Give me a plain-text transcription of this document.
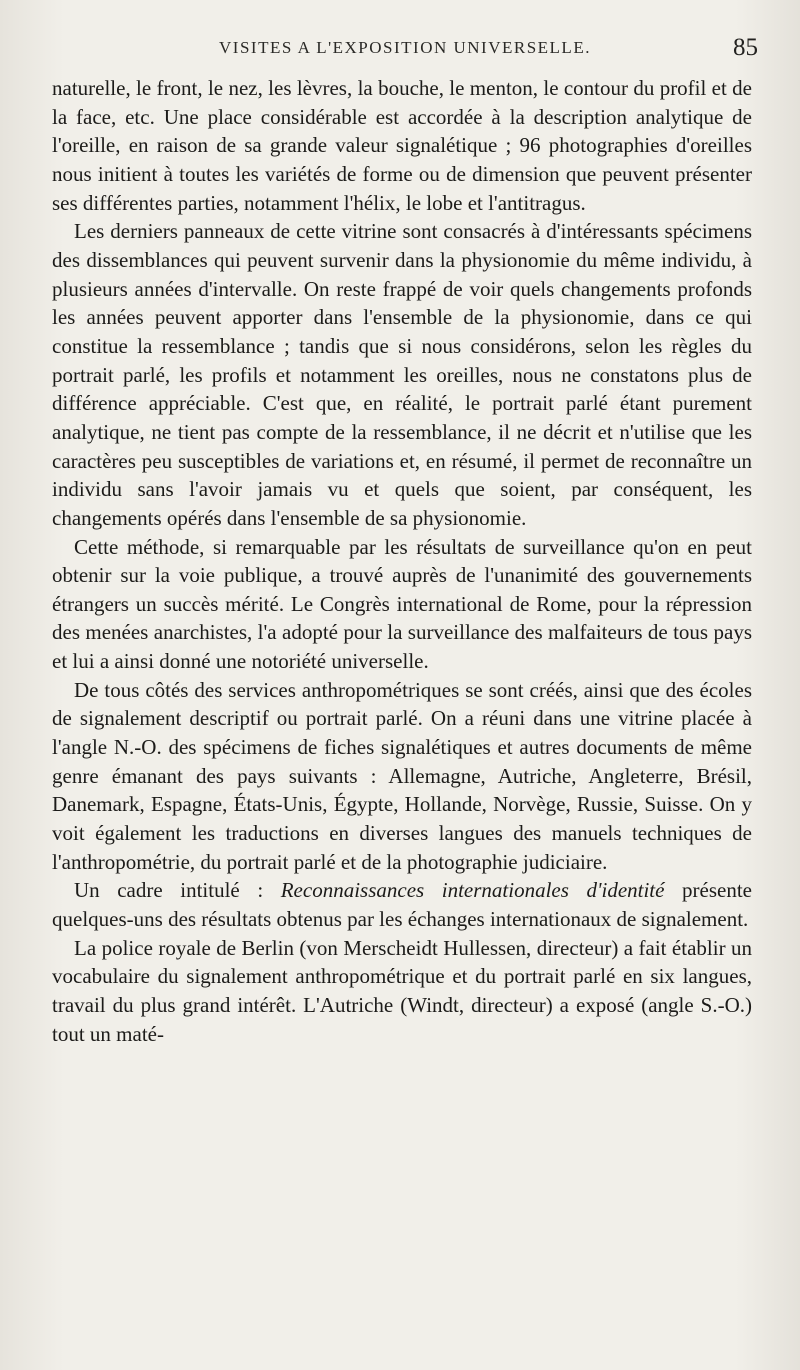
VISITES A L'EXPOSITION UNIVERSELLE.	85

naturelle, le front, le nez, les lèvres, la bouche, le menton, le contour du profil et de la face, etc. Une place considérable est accordée à la description analytique de l'oreille, en raison de sa grande valeur signalétique ; 96 photographies d'oreilles nous initient à toutes les variétés de forme ou de dimension que peuvent présenter ses différentes parties, notamment l'hélix, le lobe et l'antitragus.

Les derniers panneaux de cette vitrine sont consacrés à d'intéressants spécimens des dissemblances qui peuvent survenir dans la physionomie du même individu, à plusieurs années d'intervalle. On reste frappé de voir quels changements profonds les années peuvent apporter dans l'ensemble de la physionomie, dans ce qui constitue la ressemblance ; tandis que si nous considérons, selon les règles du portrait parlé, les profils et notamment les oreilles, nous ne constatons plus de différence appréciable. C'est que, en réalité, le portrait parlé étant purement analytique, ne tient pas compte de la ressemblance, il ne décrit et n'utilise que les caractères peu susceptibles de variations et, en résumé, il permet de reconnaître un individu sans l'avoir jamais vu et quels que soient, par conséquent, les changements opérés dans l'ensemble de sa physionomie.

Cette méthode, si remarquable par les résultats de surveillance qu'on en peut obtenir sur la voie publique, a trouvé auprès de l'unanimité des gouvernements étrangers un succès mérité. Le Congrès international de Rome, pour la répression des menées anarchistes, l'a adopté pour la surveillance des malfaiteurs de tous pays et lui a ainsi donné une notoriété universelle.

De tous côtés des services anthropométriques se sont créés, ainsi que des écoles de signalement descriptif ou portrait parlé. On a réuni dans une vitrine placée à l'angle N.-O. des spécimens de fiches signalétiques et autres documents de même genre émanant des pays suivants : Allemagne, Autriche, Angleterre, Brésil, Danemark, Espagne, États-Unis, Égypte, Hollande, Norvège, Russie, Suisse. On y voit également les traductions en diverses langues des manuels techniques de l'anthropométrie, du portrait parlé et de la photographie judiciaire.

Un cadre intitulé : Reconnaissances internationales d'identité présente quelques-uns des résultats obtenus par les échanges internationaux de signalement.

La police royale de Berlin (von Merscheidt Hullessen, directeur) a fait établir un vocabulaire du signalement anthropométrique et du portrait parlé en six langues, travail du plus grand intérêt. L'Autriche (Windt, directeur) a exposé (angle S.-O.) tout un maté-
